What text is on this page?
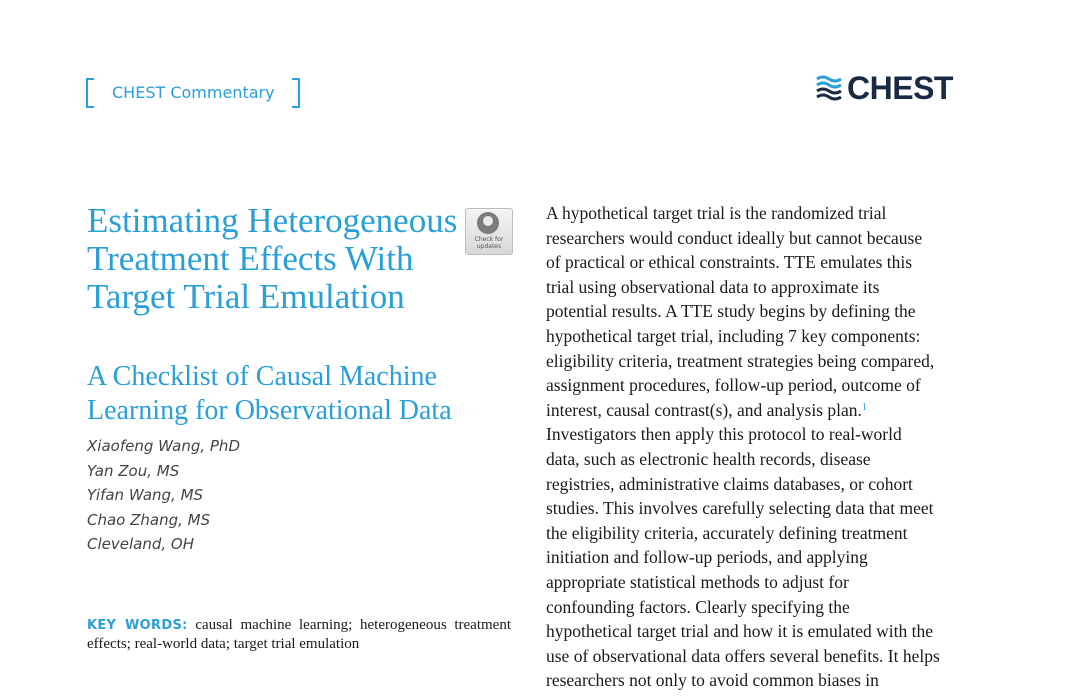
CHEST Commentary	CHEST
Check for
updates
Estimating Heterogeneous Treatment Effects With Target Trial Emulation
A Checklist of Causal Machine Learning for Observational Data
Xiaofeng Wang, PhD
Yan Zou, MS
Yifan Wang, MS
Chao Zhang, MS
Cleveland, OH
KEY WORDS: causal machine learning; heterogeneous treatment effects; real-world data; target trial emulation
A hypothetical target trial is the randomized trial
researchers would conduct ideally but cannot because
of practical or ethical constraints. TTE emulates this
trial using observational data to approximate its
potential results. A TTE study begins by defining the
hypothetical target trial, including 7 key components:
eligibility criteria, treatment strategies being compared,
assignment procedures, follow-up period, outcome of
interest, causal contrast(s), and analysis plan.$^1$
Investigators then apply this protocol to real-world
data, such as electronic health records, disease
registries, administrative claims databases, or cohort
studies. This involves carefully selecting data that meet
the eligibility criteria, accurately defining treatment
initiation and follow-up periods, and applying
appropriate statistical methods to adjust for
confounding factors. Clearly specifying the
hypothetical target trial and how it is emulated with the
use of observational data offers several benefits. It helps
researchers not only to avoid common biases in
